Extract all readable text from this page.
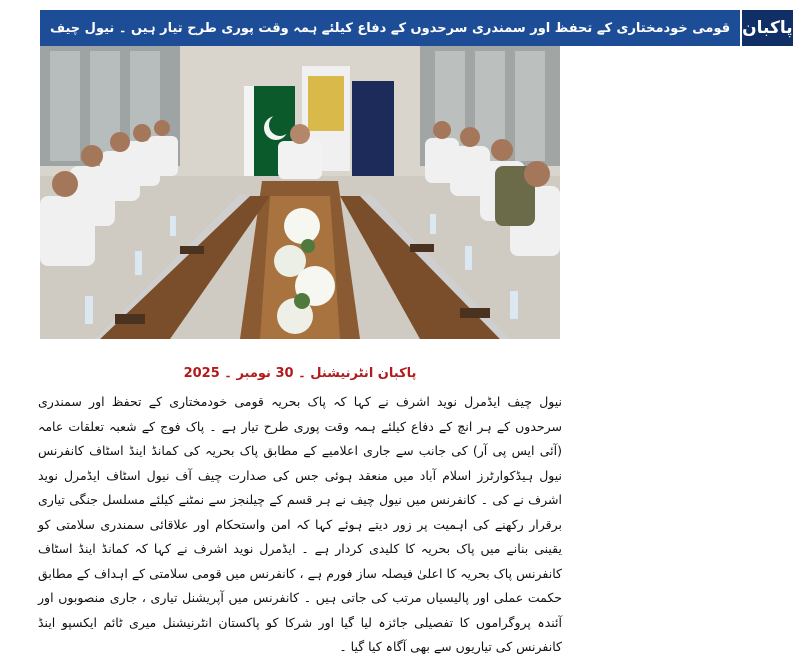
قومی خودمختاری کے تحفظ اور سمندری سرحدوں کے دفاع کیلئے ہمہ وقت پوری طرح تیار ہیں ۔ نیول چیف پاکبان
پاکبان انٹرنیشنل ۔ 30 نومبر ۔ 2025
نیول چیف ایڈمرل نوید اشرف نے کہا کہ پاک بحریہ قومی خودمختاری کے تحفظ اور سمندری سرحدوں کے ہر انچ کے دفاع کیلئے ہمہ وقت پوری طرح تیار ہے ۔ پاک فوج کے شعبہ تعلقات عامہ (آئی ایس پی آر) کی جانب سے جاری اعلامیے کے مطابق پاک بحریہ کی کمانڈ اینڈ اسٹاف کانفرنس نیول ہیڈکوارٹرز اسلام آباد میں منعقد ہوئی جس کی صدارت چیف آف نیول اسٹاف ایڈمرل نوید اشرف نے کی ۔ کانفرنس میں نیول چیف نے ہر قسم کے چیلنجز سے نمٹنے کیلئے مسلسل جنگی تیاری برقرار رکھنے کی اہمیت پر زور دیتے ہوئے کہا کہ امن واستحکام اور علاقائی سمندری سلامتی کو یقینی بنانے میں پاک بحریہ کا کلیدی کردار ہے ۔ ایڈمرل نوید اشرف نے کہا کہ کمانڈ اینڈ اسٹاف کانفرنس پاک بحریہ کا اعلیٰ فیصلہ ساز فورم ہے ، کانفرنس میں قومی سلامتی کے اہداف کے مطابق حکمت عملی اور پالیسیاں مرتب کی جاتی ہیں ۔ کانفرنس میں آپریشنل تیاری ، جاری منصوبوں اور آئندہ پروگراموں کا تفصیلی جائزہ لیا گیا اور شرکا کو پاکستان انٹرنیشنل میری ٹائم ایکسپو اینڈ کانفرنس کی تیاریوں سے بھی آگاہ کیا گیا ۔
